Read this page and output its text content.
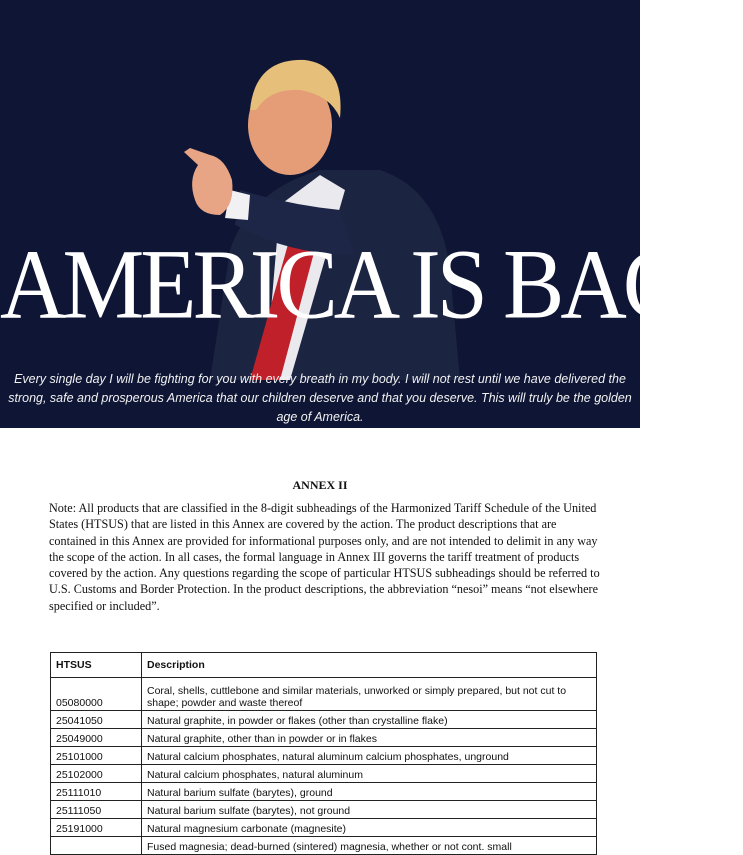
AMERICA IS BACK
Every single day I will be fighting for you with every breath in my body. I will not rest until we have delivered the strong, safe and prosperous America that our children deserve and that you deserve. This will truly be the golden age of America.
ANNEX II
Note: All products that are classified in the 8-digit subheadings of the Harmonized Tariff Schedule of the United States (HTSUS) that are listed in this Annex are covered by the action. The product descriptions that are contained in this Annex are provided for informational purposes only, and are not intended to delimit in any way the scope of the action. In all cases, the formal language in Annex III governs the tariff treatment of products covered by the action. Any questions regarding the scope of particular HTSUS subheadings should be referred to U.S. Customs and Border Protection. In the product descriptions, the abbreviation “nesoi” means “not elsewhere specified or included”.
HTSUS	Description
05080000	Coral, shells, cuttlebone and similar materials, unworked or simply prepared, but not cut to shape; powder and waste thereof
25041050	Natural graphite, in powder or flakes (other than crystalline flake)
25049000	Natural graphite, other than in powder or in flakes
25101000	Natural calcium phosphates, natural aluminum calcium phosphates, unground
25102000	Natural calcium phosphates, natural aluminum
25111010	Natural barium sulfate (barytes), ground
25111050	Natural barium sulfate (barytes), not ground
25191000	Natural magnesium carbonate (magnesite)
	Fused magnesia; dead-burned (sintered) magnesia, whether or not cont. small
